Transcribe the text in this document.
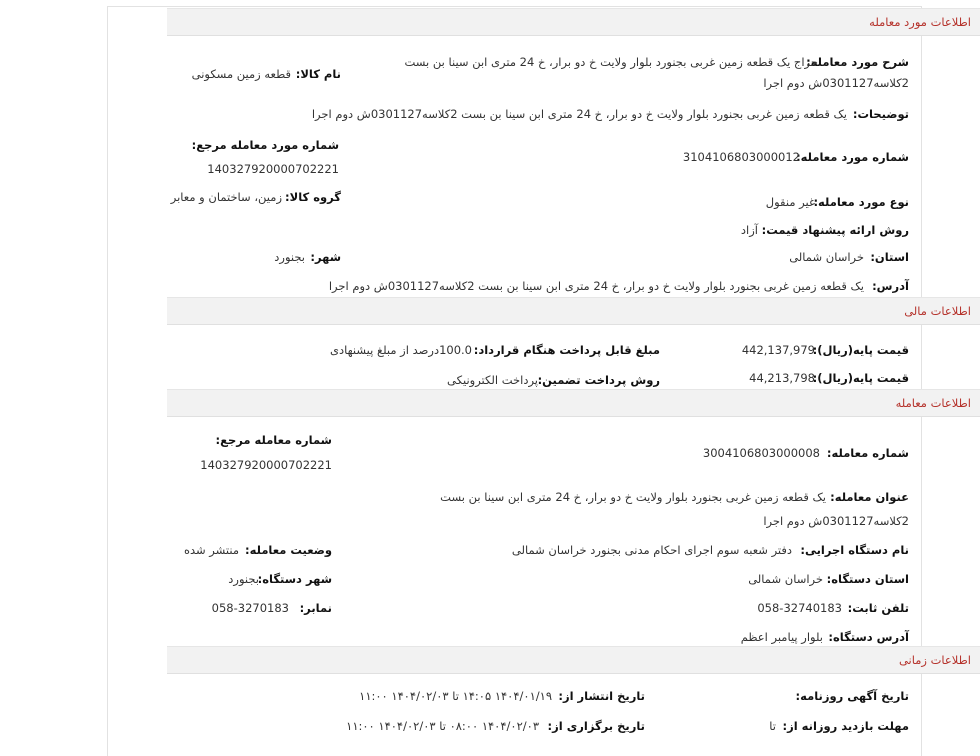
اطلاعات مورد معامله
شرح مورد معامله:
حراج یک قطعه زمین غربی بجنورد بلوار ولایت خ دو برار، خ 24 متری ابن سینا بن بست
2کلاسه0301127ش دوم اجرا
نام کالا:
قطعه زمین مسکونی
توضیحات:
یک قطعه زمین غربی بجنورد بلوار ولایت خ دو برار، خ 24 متری ابن سینا بن بست 2کلاسه0301127ش دوم اجرا
شماره مورد معامله مرجع:
140327920000702221
شماره مورد معامله:
3104106803000012
گروه کالا:
زمین، ساختمان و معابر	نوع مورد معامله:
غیر منقول
روش ارائه پیشنهاد قیمت:
آزاد
استان:
خراسان شمالی
شهر:
بجنورد
آدرس:
یک قطعه زمین غربی بجنورد بلوار ولایت خ دو برار، خ 24 متری ابن سینا بن بست 2کلاسه0301127ش دوم اجرا
اطلاعات مالی
قیمت پایه(ریال):
442,137,979
مبلغ قابل پرداخت هنگام قرارداد:
100.0درصد از مبلغ پیشنهادی
قیمت پایه(ریال):
44,213,798
روش پرداخت تضمین:
پرداخت الکترونیکی
اطلاعات معامله
شماره معامله مرجع:
140327920000702221
شماره معامله:
3004106803000008
عنوان معامله:
یک قطعه زمین غربی بجنورد بلوار ولایت خ دو برار، خ 24 متری ابن سینا بن بست
2کلاسه0301127ش دوم اجرا
وضعیت معامله:
منتشر شده	نام دستگاه اجرایی:
دفتر شعبه سوم اجرای احکام مدنی بجنورد خراسان شمالی
شهر دستگاه:
بجنورد	استان دستگاه:
خراسان شمالی
نمابر:
058-3270183	تلفن ثابت:
058-32740183
آدرس دستگاه:
بلوار پیامبر اعظم
اطلاعات زمانی
تاریخ آگهی روزنامه:
تاریخ انتشار از:
۱۴۰۴/۰۱/۱۹ ۱۴:۰۵ تا ۱۴۰۴/۰۲/۰۳ ۱۱:۰۰
مهلت بازدید روزانه از:
تا
تاریخ برگزاری از:
۱۴۰۴/۰۲/۰۳ ۰۸:۰۰ تا ۱۴۰۴/۰۲/۰۳ ۱۱:۰۰
